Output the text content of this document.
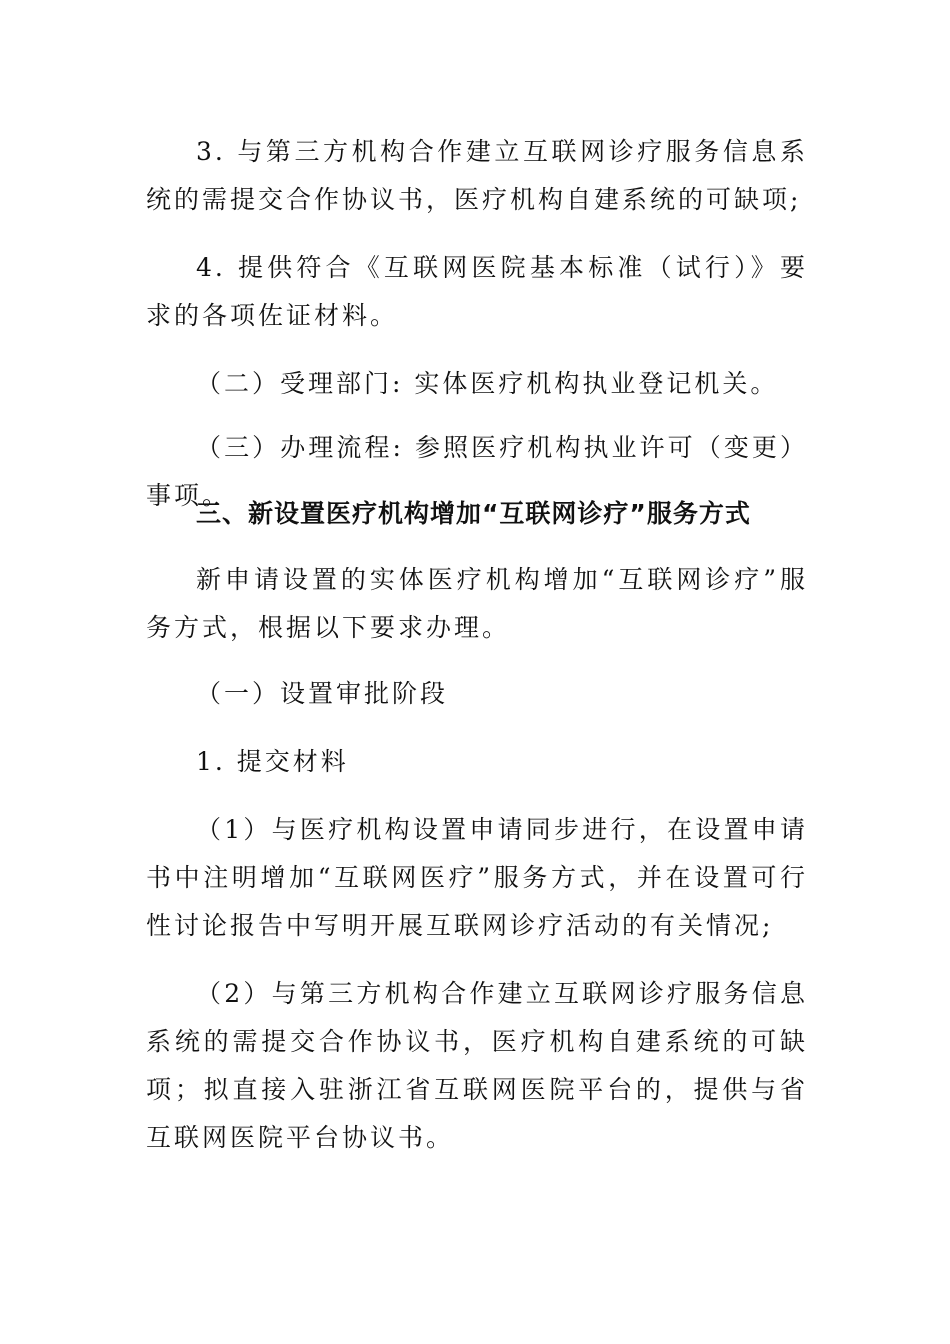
3. 与第三方机构合作建立互联网诊疗服务信息系统的需提交合作协议书，医疗机构自建系统的可缺项;

4. 提供符合《互联网医院基本标准（试行）》要求的各项佐证材料。

（二）受理部门: 实体医疗机构执业登记机关。

（三）办理流程: 参照医疗机构执业许可（变更）事项。

三、新设置医疗机构增加“互联网诊疗”服务方式

新申请设置的实体医疗机构增加“互联网诊疗”服务方式，根据以下要求办理。

（一）设置审批阶段

1. 提交材料

（1）与医疗机构设置申请同步进行，在设置申请书中注明增加“互联网医疗”服务方式，并在设置可行性讨论报告中写明开展互联网诊疗活动的有关情况;

（2）与第三方机构合作建立互联网诊疗服务信息系统的需提交合作协议书，医疗机构自建系统的可缺项；拟直接入驻浙江省互联网医院平台的，提供与省互联网医院平台协议书。
